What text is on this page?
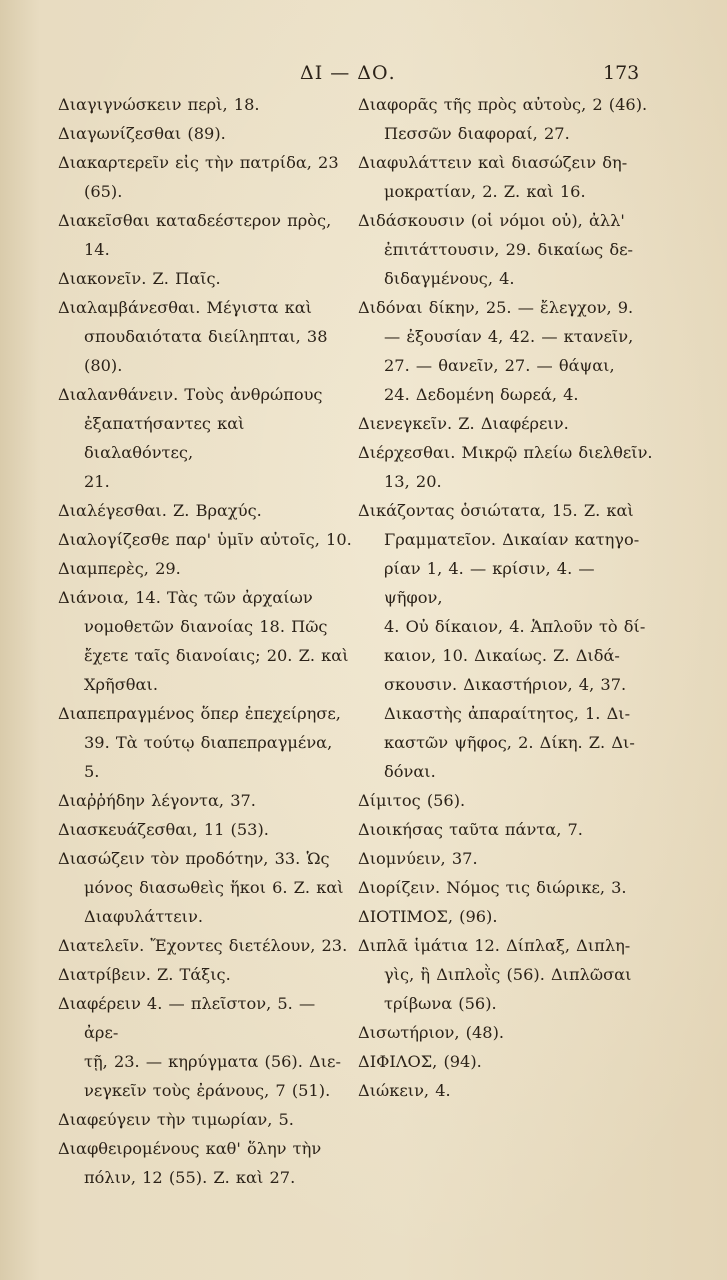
ΔΙ — ΔΟ.	173
Διαγιγνώσκειν περὶ, 18.
Διαγωνίζεσθαι (89).
Διακαρτερεῖν εἰς τὴν πατρίδα, 23
(65).
Διακεῖσθαι καταδεέστερον πρὸς,
14.
Διακονεῖν. Ζ. Παῖς.
Διαλαμβάνεσθαι. Μέγιστα καὶ
σπουδαιότατα διείληπται, 38
(80).
Διαλανθάνειν. Τοὺς ἀνθρώπους
ἐξαπατήσαντες καὶ διαλαθόντες,
21.
Διαλέγεσθαι. Ζ. Βραχύς.
Διαλογίζεσθε παρ' ὑμῖν αὐτοῖς, 10.
Διαμπερὲς, 29.
Διάνοια, 14. Τὰς τῶν ἀρχαίων
νομοθετῶν διανοίας 18. Πῶς
ἔχετε ταῖς διανοίαις; 20. Ζ. καὶ
Χρῆσθαι.
Διαπεπραγμένος ὅπερ ἐπεχείρησε,
39. Τὰ τούτῳ διαπεπραγμένα,
5.
Διαῤῥήδην λέγοντα, 37.
Διασκευάζεσθαι, 11 (53).
Διασώζειν τὸν προδότην, 33. Ὡς
μόνος διασωθεὶς ἥκοι 6. Ζ. καὶ
Διαφυλάττειν.
Διατελεῖν. Ἔχοντες διετέλουν, 23.
Διατρίβειν. Ζ. Τάξις.
Διαφέρειν 4. — πλεῖστον, 5. — ἀρε-
τῇ, 23. — κηρύγματα (56). Διε-
νεγκεῖν τοὺς ἐράνους, 7 (51).
Διαφεύγειν τὴν τιμωρίαν, 5.
Διαφθειρομένους καθ' ὅλην τὴν
πόλιν, 12 (55). Ζ. καὶ 27.
Διαφορᾶς τῆς πρὸς αὐτοὺς, 2 (46).
Πεσσῶν διαφοραί, 27.
Διαφυλάττειν καὶ διασώζειν δη-
μοκρατίαν, 2. Ζ. καὶ 16.
Διδάσκουσιν (οἱ νόμοι οὐ), ἀλλ'
ἐπιτάττουσιν, 29. δικαίως δε-
διδαγμένους, 4.
Διδόναι δίκην, 25. — ἔλεγχον, 9.
— ἐξουσίαν 4, 42. — κτανεῖν,
27. — θανεῖν, 27. — θάψαι,
24. Δεδομένη δωρεά, 4.
Διενεγκεῖν. Ζ. Διαφέρειν.
Διέρχεσθαι. Μικρῷ πλείω διελθεῖν.
13, 20.
Δικάζοντας ὁσιώτατα, 15. Ζ. καὶ
Γραμματεῖον. Δικαίαν κατηγο-
ρίαν 1, 4. — κρίσιν, 4. — ψῆφον,
4. Οὐ δίκαιον, 4. Ἁπλοῦν τὸ δί-
καιον, 10. Δικαίως. Ζ. Διδά-
σκουσιν. Δικαστήριον, 4, 37.
Δικαστὴς ἀπαραίτητος, 1. Δι-
καστῶν ψῆφος, 2. Δίκη. Ζ. Δι-
δόναι.
Δίμιτος (56).
Διοικήσας ταῦτα πάντα, 7.
Διομνύειν, 37.
Διορίζειν. Νόμος τις διώρικε, 3.
ΔΙΟΤΙΜΟΣ, (96).
Διπλᾶ ἱμάτια 12. Δίπλαξ, Διπλη-
γὶς, ἢ Διπλοῒς (56). Διπλῶσαι
τρίβωνα (56).
Δισωτήριον, (48).
ΔΙΦΙΛΟΣ, (94).
Διώκειν, 4.
